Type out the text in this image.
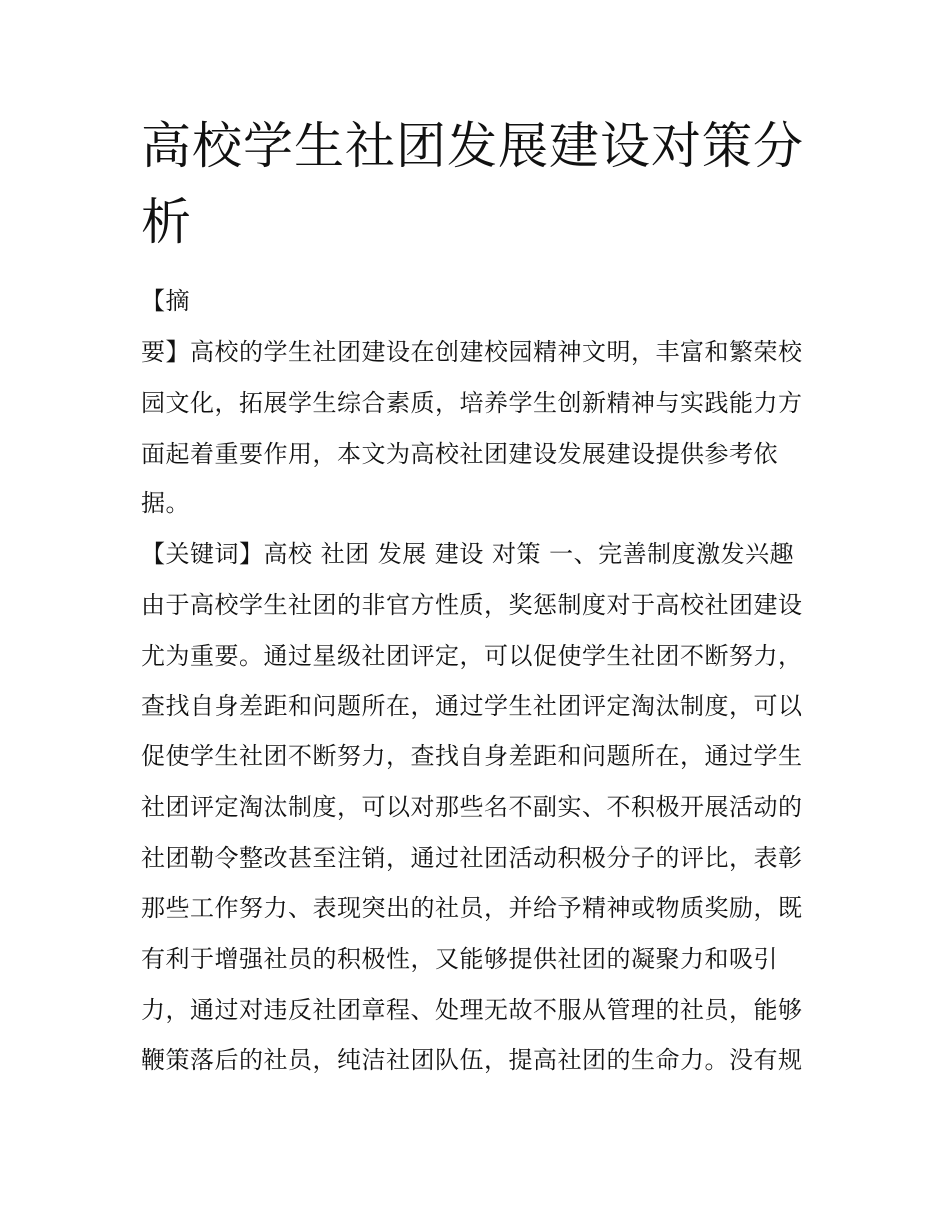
高校学生社团发展建设对策分析
【摘
要】高校的学生社团建设在创建校园精神文明，丰富和繁荣校
园文化，拓展学生综合素质，培养学生创新精神与实践能力方
面起着重要作用，本文为高校社团建设发展建设提供参考依
据。
【关键词】高校 社团 发展 建设 对策 一、完善制度激发兴趣
由于高校学生社团的非官方性质，奖惩制度对于高校社团建设
尤为重要。通过星级社团评定，可以促使学生社团不断努力，
查找自身差距和问题所在，通过学生社团评定淘汰制度，可以
促使学生社团不断努力，查找自身差距和问题所在，通过学生
社团评定淘汰制度，可以对那些名不副实、不积极开展活动的
社团勒令整改甚至注销，通过社团活动积极分子的评比，表彰
那些工作努力、表现突出的社员，并给予精神或物质奖励，既
有利于增强社员的积极性，又能够提供社团的凝聚力和吸引
力，通过对违反社团章程、处理无故不服从管理的社员，能够
鞭策落后的社员，纯洁社团队伍，提高社团的生命力。没有规
